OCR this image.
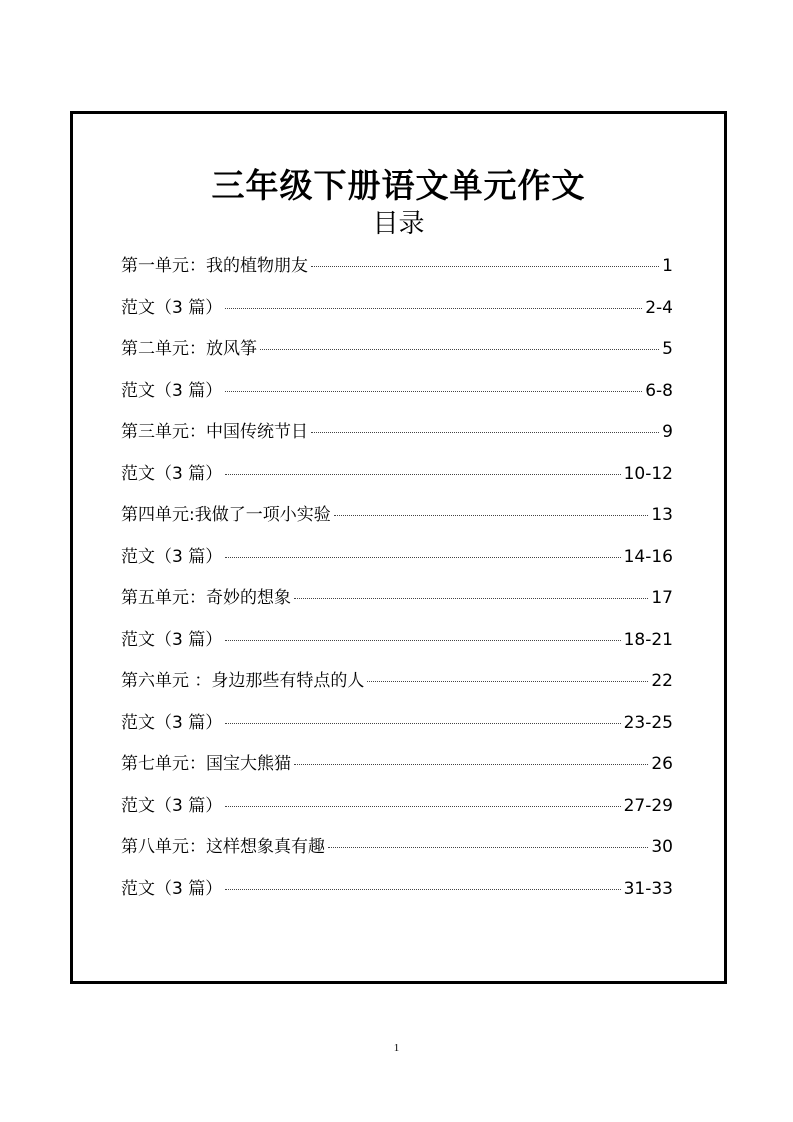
三年级下册语文单元作文
目录
第一单元：我的植物朋友	1
范文（3 篇）	2-4
第二单元：放风筝	5
范文（3 篇）	6-8
第三单元：中国传统节日	9
范文（3 篇）	10-12
第四单元:我做了一项小实验	13
范文（3 篇）	14-16
第五单元：奇妙的想象	17
范文（3 篇）	18-21
第六单元 ：身边那些有特点的人	22
范文（3 篇）	23-25
第七单元：国宝大熊猫	26
范文（3 篇）	27-29
第八单元：这样想象真有趣	30
范文（3 篇）	31-33
1
